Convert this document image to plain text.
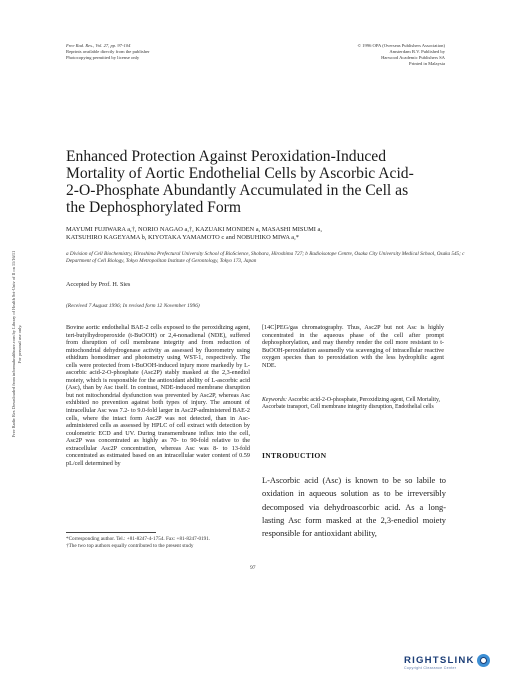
Free Rad. Res., Vol. 27, pp. 97-104
Reprints available directly from the publisher
Photocopying permitted by license only
© 1996 OPA (Overseas Publishers Association)
Amsterdam B.V. Published by
Harwood Academic Publishers SA
Printed in Malaysia
Free Radic Res Downloaded from informahealthcare.com by Library of Health Sci-Univ of Il on 11/16/11 For personal use only.
Enhanced Protection Against Peroxidation-Induced
Mortality of Aortic Endothelial Cells by Ascorbic Acid-
2-O-Phosphate Abundantly Accumulated in the Cell as
the Dephosphorylated Form
MAYUMI FUJIWARA a,†, NORIO NAGAO a,†, KAZUAKI MONDEN a, MASASHI MISUMI a,
KATSUHIRO KAGEYAMA b, KIYOTAKA YAMAMOTO c and NOBUHIKO MIWA a,*
a Division of Cell Biochemistry, Hiroshima Prefectural University School of BioScience, Shobara, Hiroshima 727; b Radioisotope Centre, Osaka City University Medical School, Osaka 545; c Department of Cell Biology, Tokyo Metropolitan Institute of Gerontology, Tokyo 173, Japan
Accepted by Prof. H. Sies
(Received 7 August 1996; In revised form 12 November 1996)
Bovine aortic endothelial BAE-2 cells exposed to the peroxidizing agent, tert-butylhydroperoxide (t-BuOOH) or 2,4-nonadienal (NDE), suffered from disruption of cell membrane integrity and from reduction of mitochondrial dehydrogenase activity as assessed by fluorometry using ethidium homodimer and photometry using WST-1, respectively. The cells were protected from t-BuOOH-induced injury more markedly by L-ascorbic acid-2-O-phosphate (Asc2P) stably masked at the 2,3-enediol moiety, which is responsible for the antioxidant ability of L-ascorbic acid (Asc), than by Asc itself. In contrast, NDE-induced membrane disruption but not mitochondrial dysfunction was prevented by Asc2P, whereas Asc exhibited no prevention against both types of injury. The amount of intracellular Asc was 7.2- to 9.0-fold larger in Asc2P-administered BAE-2 cells, where the intact form Asc2P was not detected, than in Asc-administered cells as assessed by HPLC of cell extract with detection by coulometric ECD and UV. During transmembrane influx into the cell, Asc2P was concentrated as highly as 70- to 90-fold relative to the extracellular Asc2P concentration, whereas Asc was 8- to 13-fold concentrated as estimated based on an intracellular water content of 0.59 pL/cell determined by
[14C]PEG/gas chromatography. Thus, Asc2P but not Asc is highly concentrated in the aqueous phase of the cell after prompt dephosphorylation, and may thereby render the cell more resistant to t-BuOOH-peroxidation assumedly via scavenging of intracellular reactive oxygen species than to peroxidation with the less hydrophilic agent NDE.
Keywords: Ascorbic acid-2-O-phosphate, Peroxidizing agent, Cell Mortality, Ascorbate transport, Cell membrane integrity disruption, Endothelial cells
INTRODUCTION
L-Ascorbic acid (Asc) is known to be so labile to oxidation in aqueous solution as to be irreversibly decomposed via dehydroascorbic acid. As a long-lasting Asc form masked at the 2,3-enediol moiety responsible for antioxidant ability,
*Corresponding author. Tel.: +81-8247-4-1754. Fax: +81-8247-0191.
†The two top authors equally contributed to the present study
97
RIGHTSLINK
Copyright Clearance Center
